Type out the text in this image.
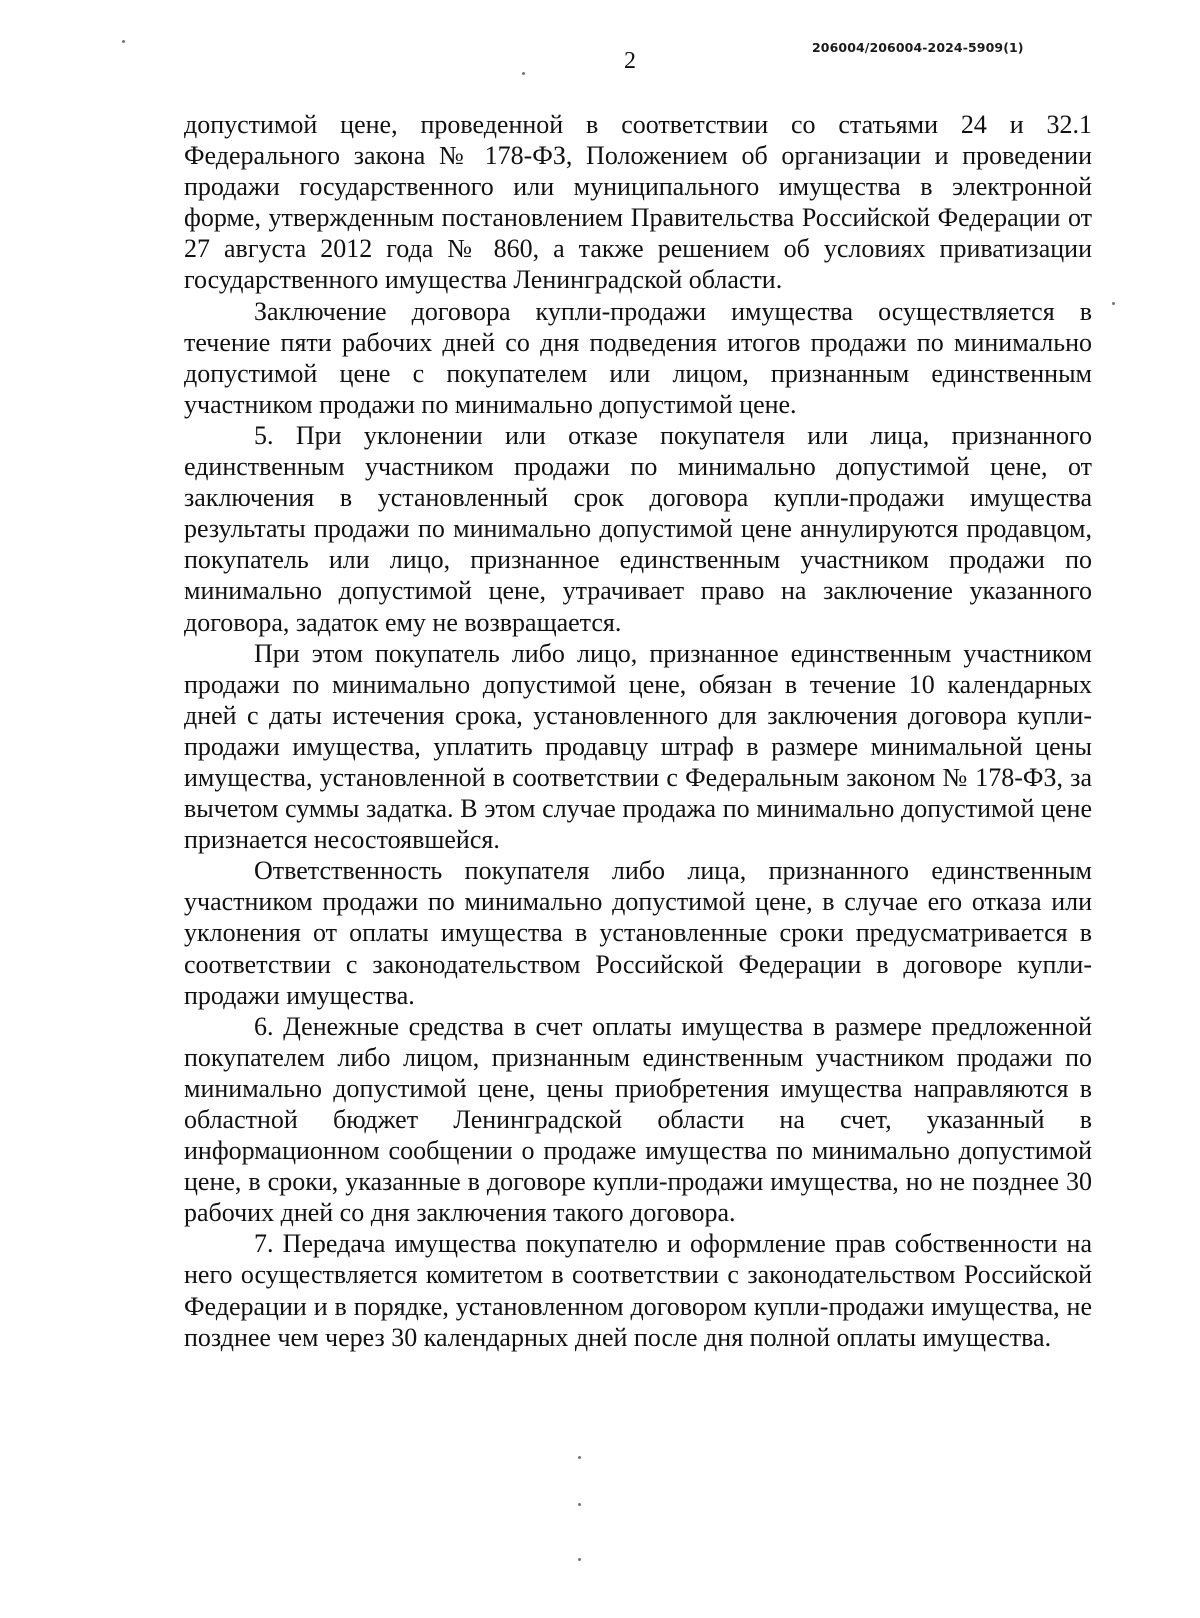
206004/206004-2024-5909(1)
2

допустимой цене, проведенной в соответствии со статьями 24 и 32.1 Федерального закона № 178-ФЗ, Положением об организации и проведении продажи государственного или муниципального имущества в электронной форме, утвержденным постановлением Правительства Российской Федерации от 27 августа 2012 года № 860, а также решением об условиях приватизации государственного имущества Ленинградской области.

Заключение договора купли-продажи имущества осуществляется в течение пяти рабочих дней со дня подведения итогов продажи по минимально допустимой цене с покупателем или лицом, признанным единственным участником продажи по минимально допустимой цене.

5. При уклонении или отказе покупателя или лица, признанного единственным участником продажи по минимально допустимой цене, от заключения в установленный срок договора купли-продажи имущества результаты продажи по минимально допустимой цене аннулируются продавцом, покупатель или лицо, признанное единственным участником продажи по минимально допустимой цене, утрачивает право на заключение указанного договора, задаток ему не возвращается.

При этом покупатель либо лицо, признанное единственным участником продажи по минимально допустимой цене, обязан в течение 10 календарных дней с даты истечения срока, установленного для заключения договора купли-продажи имущества, уплатить продавцу штраф в размере минимальной цены имущества, установленной в соответствии с Федеральным законом № 178-ФЗ, за вычетом суммы задатка. В этом случае продажа по минимально допустимой цене признается несостоявшейся.

Ответственность покупателя либо лица, признанного единственным участником продажи по минимально допустимой цене, в случае его отказа или уклонения от оплаты имущества в установленные сроки предусматривается в соответствии с законодательством Российской Федерации в договоре купли-продажи имущества.

6. Денежные средства в счет оплаты имущества в размере предложенной покупателем либо лицом, признанным единственным участником продажи по минимально допустимой цене, цены приобретения имущества направляются в областной бюджет Ленинградской области на счет, указанный в информационном сообщении о продаже имущества по минимально допустимой цене, в сроки, указанные в договоре купли-продажи имущества, но не позднее 30 рабочих дней со дня заключения такого договора.

7. Передача имущества покупателю и оформление прав собственности на него осуществляется комитетом в соответствии с законодательством Российской Федерации и в порядке, установленном договором купли-продажи имущества, не позднее чем через 30 календарных дней после дня полной оплаты имущества.
